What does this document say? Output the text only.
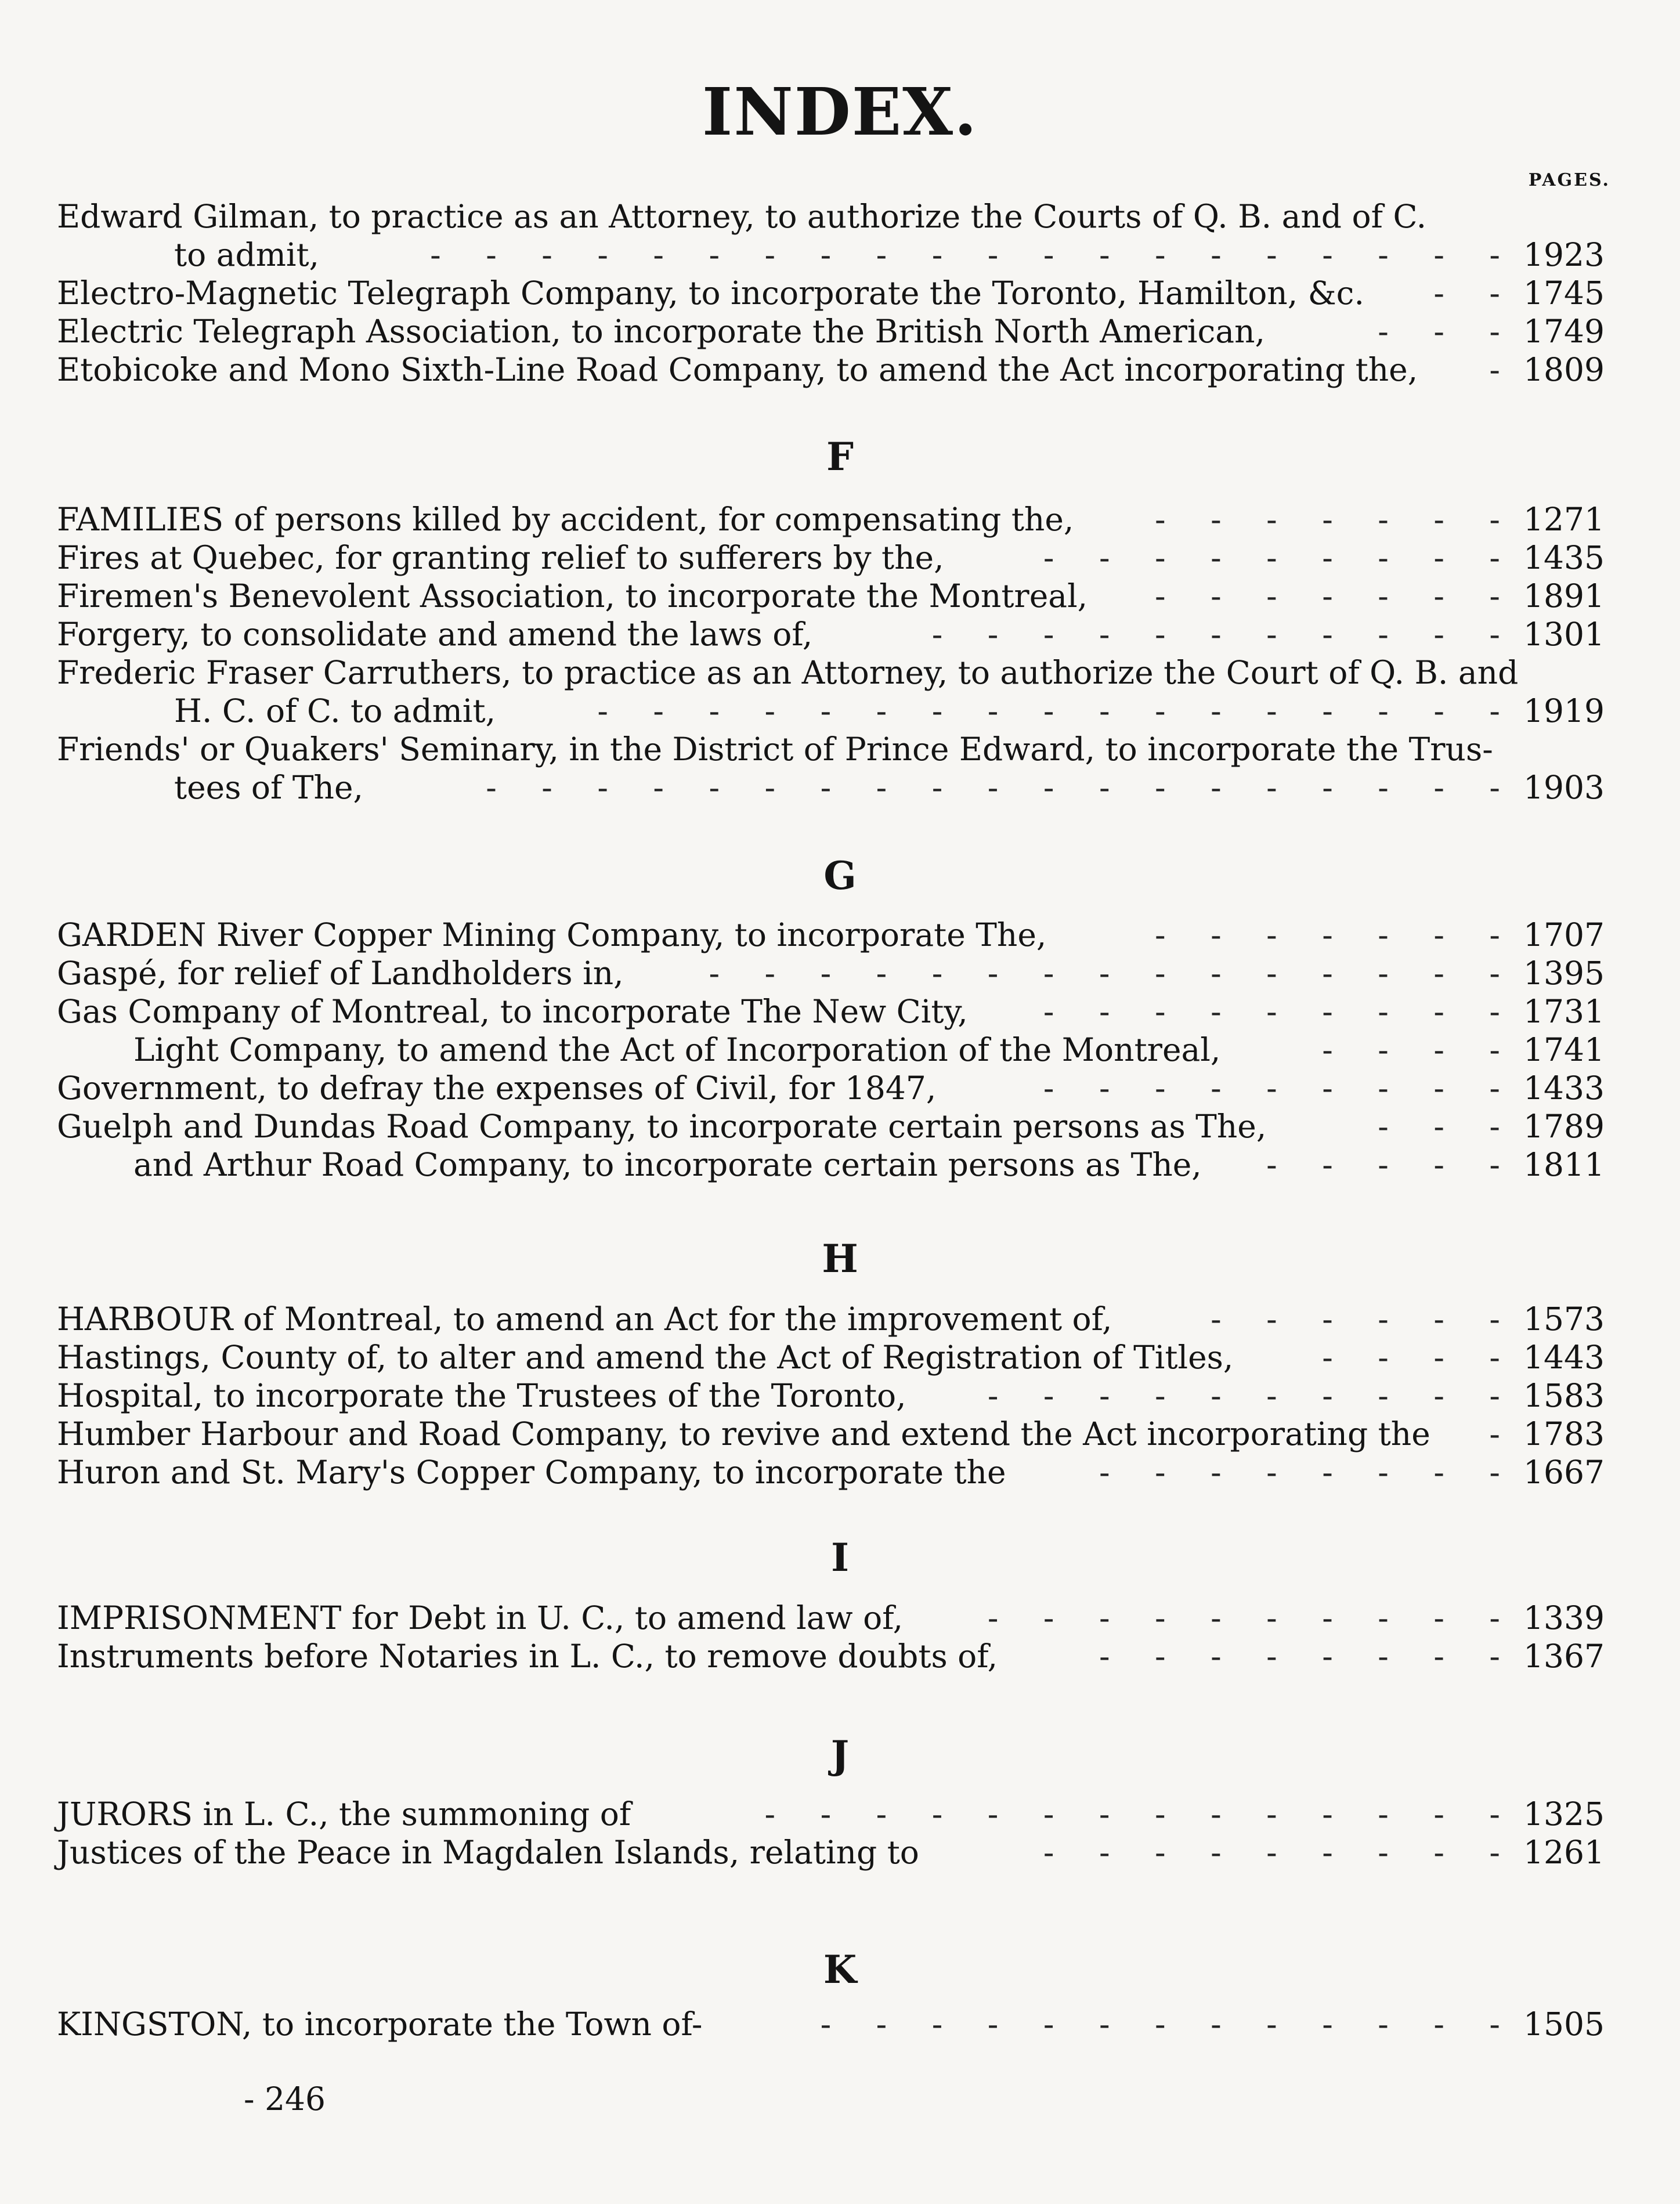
INDEX.
PAGES.
Edward Gilman, to practice as an Attorney, to authorize the Courts of Q. B. and of C.
to admit,	- - - - - - - - - - - - - - - - - - - - 1923
Electro-Magnetic Telegraph Company, to incorporate the Toronto, Hamilton, &c.	- - 1745
Electric Telegraph Association, to incorporate the British North American,	- - - 1749
Etobicoke and Mono Sixth-Line Road Company, to amend the Act incorporating the,	- 1809
F
FAMILIES of persons killed by accident, for compensating the,	- - - - - - - 1271
Fires at Quebec, for granting relief to sufferers by the,	- - - - - - - - - 1435
Firemen's Benevolent Association, to incorporate the Montreal,	- - - - - - - 1891
Forgery, to consolidate and amend the laws of,	- - - - - - - - - - - 1301
Frederic Fraser Carruthers, to practice as an Attorney, to authorize the Court of Q. B. and
H. C. of C. to admit,	- - - - - - - - - - - - - - - - - 1919
Friends' or Quakers' Seminary, in the District of Prince Edward, to incorporate the Trus-
tees of The,	- - - - - - - - - - - - - - - - - - - 1903
G
GARDEN River Copper Mining Company, to incorporate The,	- - - - - - - 1707
Gaspé, for relief of Landholders in,	- - - - - - - - - - - - - - - 1395
Gas Company of Montreal, to incorporate The New City,	- - - - - - - - - 1731
Light Company, to amend the Act of Incorporation of the Montreal,	- - - - 1741
Government, to defray the expenses of Civil, for 1847,	- - - - - - - - - 1433
Guelph and Dundas Road Company, to incorporate certain persons as The,	- - - 1789
and Arthur Road Company, to incorporate certain persons as The,	- - - - - 1811
H
HARBOUR of Montreal, to amend an Act for the improvement of,	- - - - - - 1573
Hastings, County of, to alter and amend the Act of Registration of Titles,	- - - - 1443
Hospital, to incorporate the Trustees of the Toronto,	- - - - - - - - - - 1583
Humber Harbour and Road Company, to revive and extend the Act incorporating the	- 1783
Huron and St. Mary's Copper Company, to incorporate the	- - - - - - - - 1667
I
IMPRISONMENT for Debt in U. C., to amend law of,	- - - - - - - - - - 1339
Instruments before Notaries in L. C., to remove doubts of,	- - - - - - - - 1367
J
JURORS in L. C., the summoning of	- - - - - - - - - - - - - - 1325
Justices of the Peace in Magdalen Islands, relating to	- - - - - - - - - 1261
K
KINGSTON, to incorporate the Town of-	- - - - - - - - - - - - - 1505
- 246
